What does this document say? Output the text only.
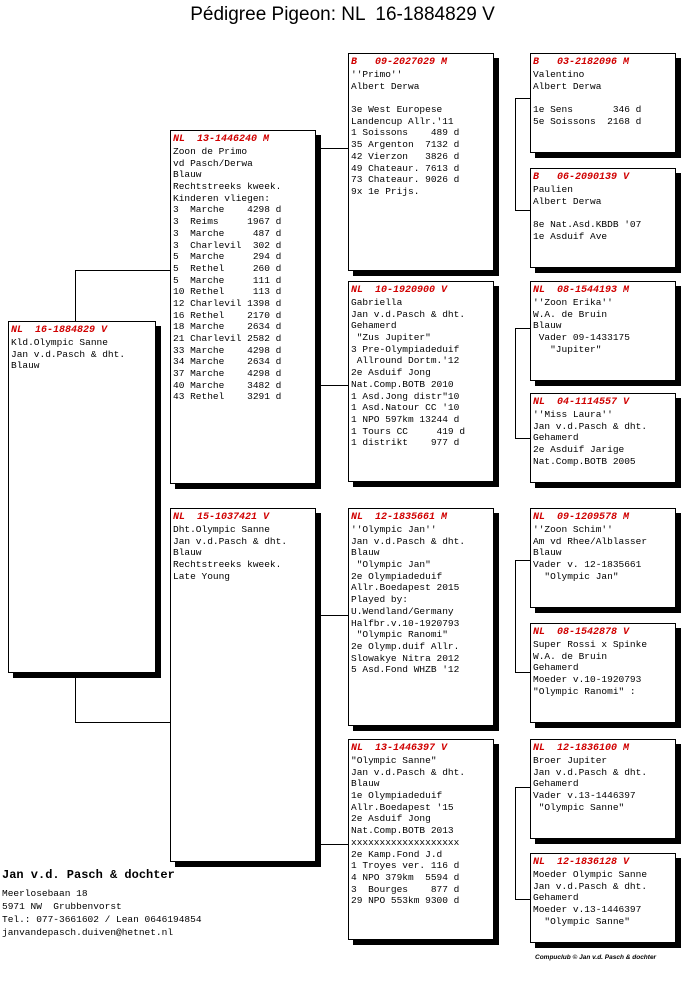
Pédigree Pigeon: NL  16-1884829 V
NL  16-1884829 V
Kld.Olympic Sanne
Jan v.d.Pasch & dht.
Blauw
NL  13-1446240 M
Zoon de Primo
vd Pasch/Derwa
Blauw
Rechtstreeks kweek.
Kinderen vliegen:
3  Marche    4298 d
3  Reims     1967 d
3  Marche     487 d
3  Charlevil  302 d
5  Marche     294 d
5  Rethel     260 d
5  Marche     111 d
10 Rethel     113 d
12 Charlevil 1398 d
16 Rethel    2170 d
18 Marche    2634 d
21 Charlevil 2582 d
33 Marche    4298 d
34 Marche    2634 d
37 Marche    4298 d
40 Marche    3482 d
43 Rethel    3291 d
NL  15-1037421 V
Dht.Olympic Sanne
Jan v.d.Pasch & dht.
Blauw
Rechtstreeks kweek.
Late Young
B   09-2027029 M
''Primo''
Albert Derwa
3e West Europese
Landencup Allr.'11
1 Soissons    489 d
35 Argenton  7132 d
42 Vierzon   3826 d
49 Chateaur. 7613 d
73 Chateaur. 9026 d
9x 1e Prijs.
NL  10-1920900 V
Gabriella
Jan v.d.Pasch & dht.
Gehamerd
"Zus Jupiter"
3 Pre-Olympiadeduif
Allround Dortm.'12
2e Asduif Jong
Nat.Comp.BOTB 2010
1 Asd.Jong distr"10
1 Asd.Natour CC '10
1 NPO 597km 13244 d
1 Tours CC     419 d
1 distrikt    977 d
NL  12-1835661 M
''Olympic Jan''
Jan v.d.Pasch & dht.
Blauw
"Olympic Jan"
2e Olympiadeduif
Allr.Boedapest 2015
Played by:
U.Wendland/Germany
Halfbr.v.10-1920793
"Olympic Ranomi"
2e Olymp.duif Allr.
Slowakye Nitra 2012
5 Asd.Fond WHZB '12
NL  13-1446397 V
"Olympic Sanne"
Jan v.d.Pasch & dht.
Blauw
1e Olympiadeduif
Allr.Boedapest '15
2e Asduif Jong
Nat.Comp.BOTB 2013
xxxxxxxxxxxxxxxxxxx
2e Kamp.Fond J.d
1 Troyes ver. 116 d
4 NPO 379km  5594 d
3  Bourges    877 d
29 NPO 553km 9300 d
B   03-2182096 M
Valentino
Albert Derwa
1e Sens       346 d
5e Soissons  2168 d
B   06-2090139 V
Paulien
Albert Derwa
8e Nat.Asd.KBDB '07
1e Asduif Ave
NL  08-1544193 M
''Zoon Erika''
W.A. de Bruin
Blauw
Vader 09-1433175
"Jupiter"
NL  04-1114557 V
''Miss Laura''
Jan v.d.Pasch & dht.
Gehamerd
2e Asduif Jarige
Nat.Comp.BOTB 2005
NL  09-1209578 M
''Zoon Schim''
Am vd Rhee/Alblasser
Blauw
Vader v. 12-1835661
"Olympic Jan"
NL  08-1542878 V
Super Rossi x Spinke
W.A. de Bruin
Gehamerd
Moeder v.10-1920793
"Olympic Ranomi" :
NL  12-1836100 M
Broer Jupiter
Jan v.d.Pasch & dht.
Gehamerd
Vader v.13-1446397
"Olympic Sanne"
NL  12-1836128 V
Moeder Olympic Sanne
Jan v.d.Pasch & dht.
Gehamerd
Moeder v.13-1446397
"Olympic Sanne"
Jan v.d. Pasch & dochter
Meerlosebaan 18
5971 NW  Grubbenvorst
Tel.: 077-3661602 / Lean 0646194854
janvandepasch.duiven@hetnet.nl
Compuclub © Jan v.d. Pasch & dochter
